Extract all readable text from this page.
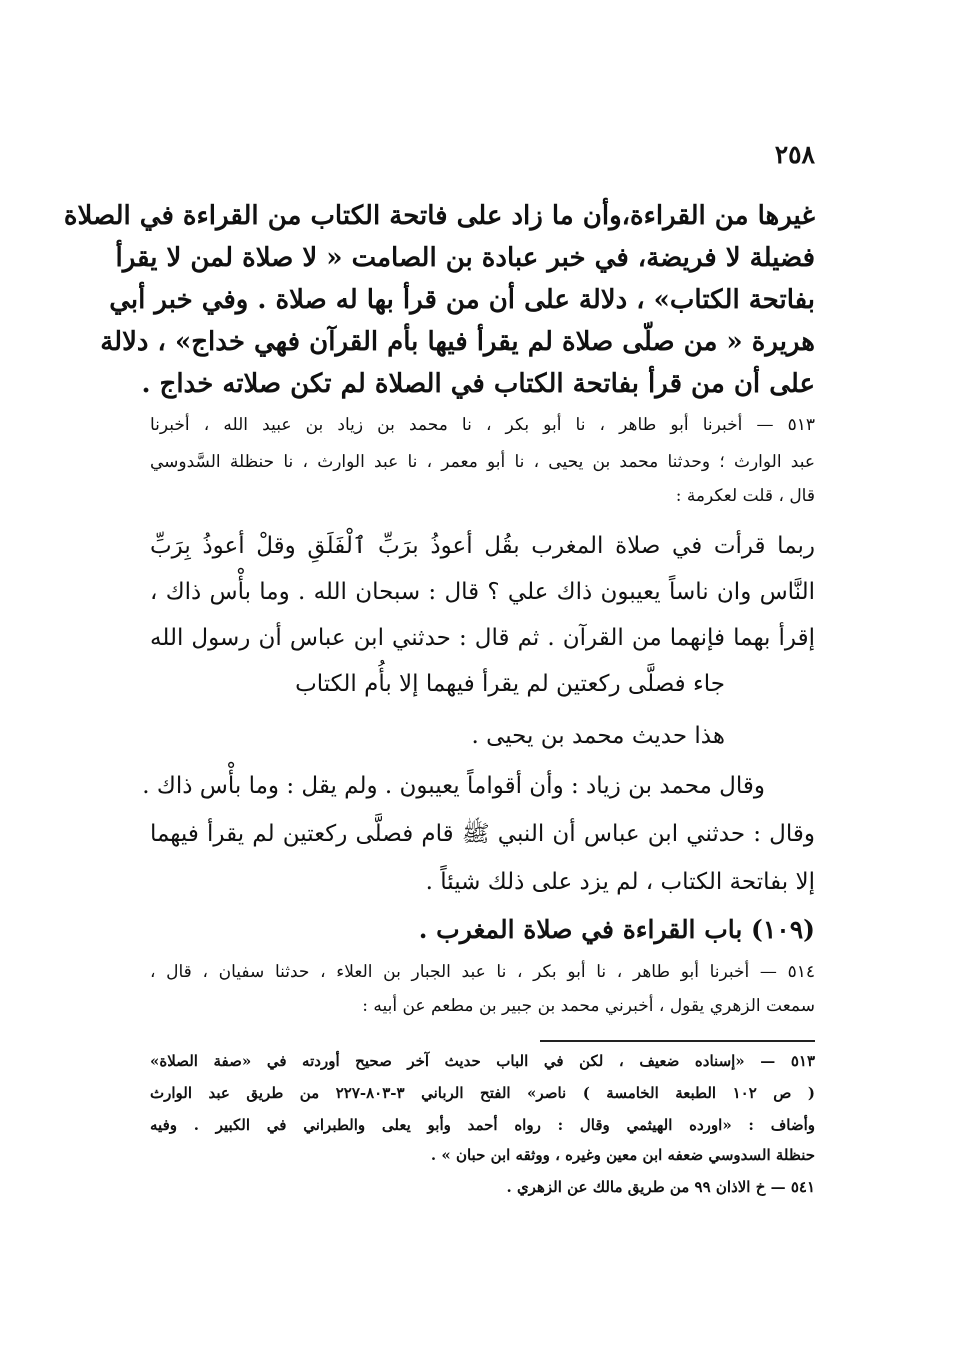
٢٥٨
غيرها من القراءة،وأن ما زاد على فاتحة الكتاب من القراءة في الصلاة
فضيلة لا فريضة، في خبر عبادة بن الصامت « لا صلاة لمن لا يقرأ
بفاتحة الكتاب» ، دلالة على أن من قرأ بها له صلاة . وفي خبر أبي
هريرة « من صلّى صلاة لم يقرأ فيها بأم القرآن فهي خداج» ، دلالة
على أن من قرأ بفاتحة الكتاب في الصلاة لم تكن صلاته خداج .
٥١٣ — أخبرنا أبو طاهر ، نا أبو بكر ، نا محمد بن زياد بن عبيد الله ، أخبرنا
عبد الوارث ؛ وحدثنا محمد بن يحيى ، نا أبو معمر ، نا عبد الوارث ، نا حنظلة السَّدوسي
قال ، قلت لعكرمة :
ربما قرأت في صلاة المغرب بقُل أعوذُ برَبِّ ٱلْفَلَقِ وقلْ أعوذُ بِرَبِّ
النَّاس وان ناساً يعيبون ذاك علي ؟ قال : سبحان الله . وما بأْس ذاك ،
إقرأ بهما فإنهما من القرآن . ثم قال : حدثني ابن عباس أن رسول الله
جاء فصلَّى ركعتين لم يقرأ فيهما إلا بأُم الكتاب
هذا حديث محمد بن يحيى .
وقال محمد بن زياد : وأن أقواماً يعيبون . ولم يقل : وما بأْس ذاك .
وقال : حدثني ابن عباس أن النبي ﷺ قام فصلَّى ركعتين لم يقرأ فيهما
إلا بفاتحة الكتاب ، لم يزد على ذلك شيئاً .
(١٠٩) باب القراءة في صلاة المغرب .
٥١٤ — أخبرنا أبو طاهر ، نا أبو بكر ، نا عبد الجبار بن العلاء ، حدثنا سفيان ، قال ،
سمعت الزهري يقول ، أخبرني محمد بن جبير بن مطعم عن أبيه :
٥١٣ — «إسناده ضعيف ، لكن في الباب حديث آخر صحيح أوردته في «صفة الصلاة»
( ص ١٠٢ الطبعة الخامسة ) ناصر» الفتح الرباني ٣-٨٠٣-٢٢٧ من طريق عبد الوارث
وأضاف : «اورده الهيثمي وقال : رواه أحمد وأبو يعلى والطبراني في الكبير . وفيه
حنظلة السدوسي ضعفه ابن معين وغيره ، ووثقه ابن حبان » .
٥٤١ — خ الاذان ٩٩ من طريق مالك عن الزهري .
